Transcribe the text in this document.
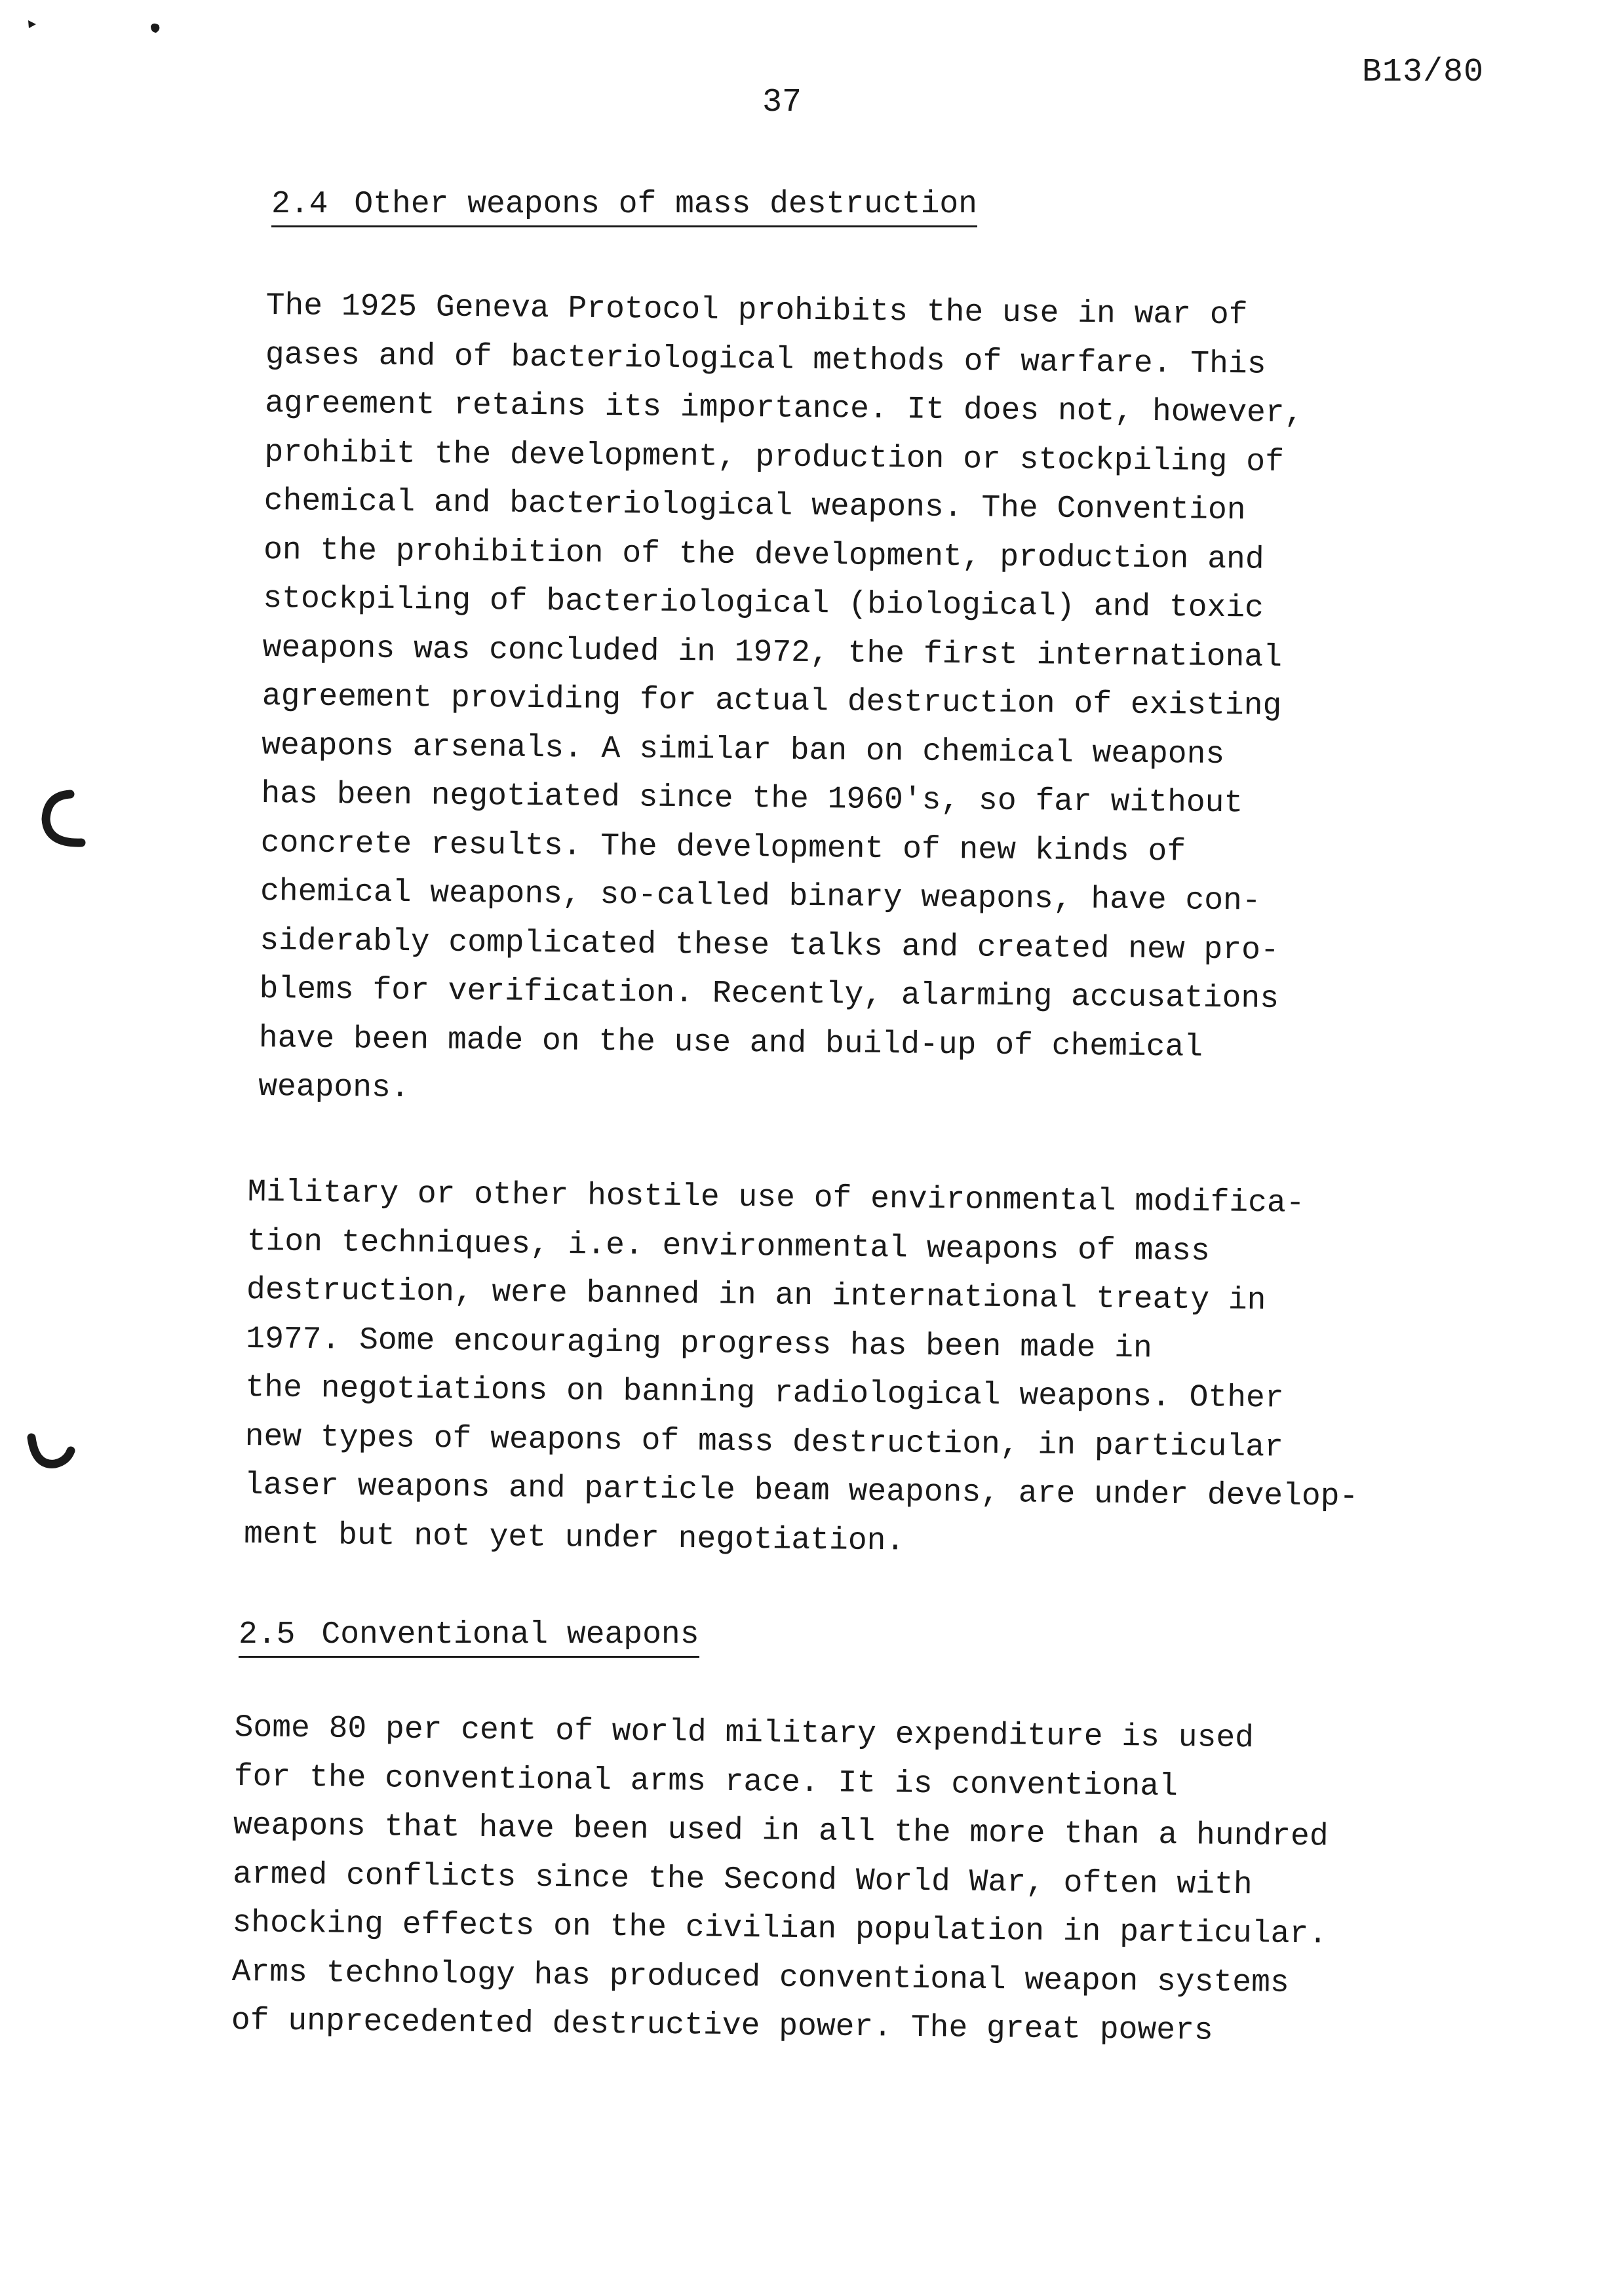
B13/80
37
2.4 Other weapons of mass destruction
The 1925 Geneva Protocol prohibits the use in war of
gases and of bacteriological methods of warfare. This
agreement retains its importance. It does not, however,
prohibit the development, production or stockpiling of
chemical and bacteriological weapons. The Convention
on the prohibition of the development, production and
stockpiling of bacteriological (biological) and toxic
weapons was concluded in 1972, the first international
agreement providing for actual destruction of existing
weapons arsenals. A similar ban on chemical weapons
has been negotiated since the 1960's, so far without
concrete results. The development of new kinds of
chemical weapons, so-called binary weapons, have con-
siderably complicated these talks and created new pro-
blems for verification. Recently, alarming accusations
have been made on the use and build-up of chemical
weapons.
Military or other hostile use of environmental modifica-
tion techniques, i.e. environmental weapons of mass
destruction, were banned in an international treaty in
1977. Some encouraging progress has been made in
the negotiations on banning radiological weapons. Other
new types of weapons of mass destruction, in particular
laser weapons and particle beam weapons, are under develop-
ment but not yet under negotiation.
2.5 Conventional weapons
Some 80 per cent of world military expenditure is used
for the conventional arms race. It is conventional
weapons that have been used in all the more than a hundred
armed conflicts since the Second World War, often with
shocking effects on the civilian population in particular.
Arms technology has produced conventional weapon systems
of unprecedented destructive power. The great powers
